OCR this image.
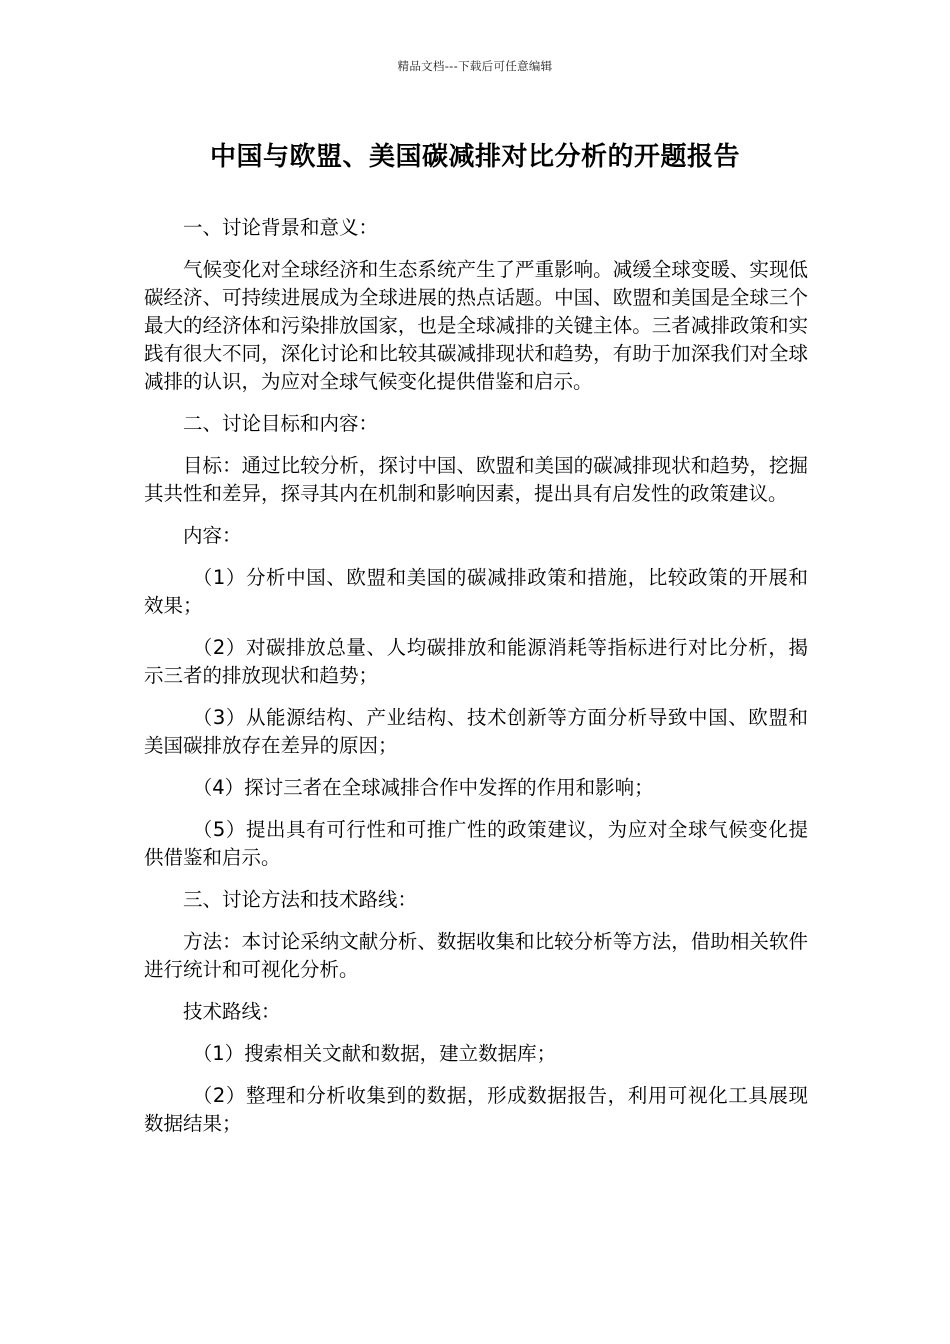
精品文档---下载后可任意编辑
中国与欧盟、美国碳减排对比分析的开题报告

一、讨论背景和意义：

气候变化对全球经济和生态系统产生了严重影响。减缓全球变暖、实现低碳经济、可持续进展成为全球进展的热点话题。中国、欧盟和美国是全球三个最大的经济体和污染排放国家，也是全球减排的关键主体。三者减排政策和实践有很大不同，深化讨论和比较其碳减排现状和趋势，有助于加深我们对全球减排的认识，为应对全球气候变化提供借鉴和启示。

二、讨论目标和内容：

目标：通过比较分析，探讨中国、欧盟和美国的碳减排现状和趋势，挖掘其共性和差异，探寻其内在机制和影响因素，提出具有启发性的政策建议。

内容：

（1）分析中国、欧盟和美国的碳减排政策和措施，比较政策的开展和效果；

（2）对碳排放总量、人均碳排放和能源消耗等指标进行对比分析，揭示三者的排放现状和趋势；

（3）从能源结构、产业结构、技术创新等方面分析导致中国、欧盟和美国碳排放存在差异的原因；

（4）探讨三者在全球减排合作中发挥的作用和影响；

（5）提出具有可行性和可推广性的政策建议，为应对全球气候变化提供借鉴和启示。

三、讨论方法和技术路线：

方法：本讨论采纳文献分析、数据收集和比较分析等方法，借助相关软件进行统计和可视化分析。

技术路线：

（1）搜索相关文献和数据，建立数据库；

（2）整理和分析收集到的数据，形成数据报告，利用可视化工具展现数据结果；
